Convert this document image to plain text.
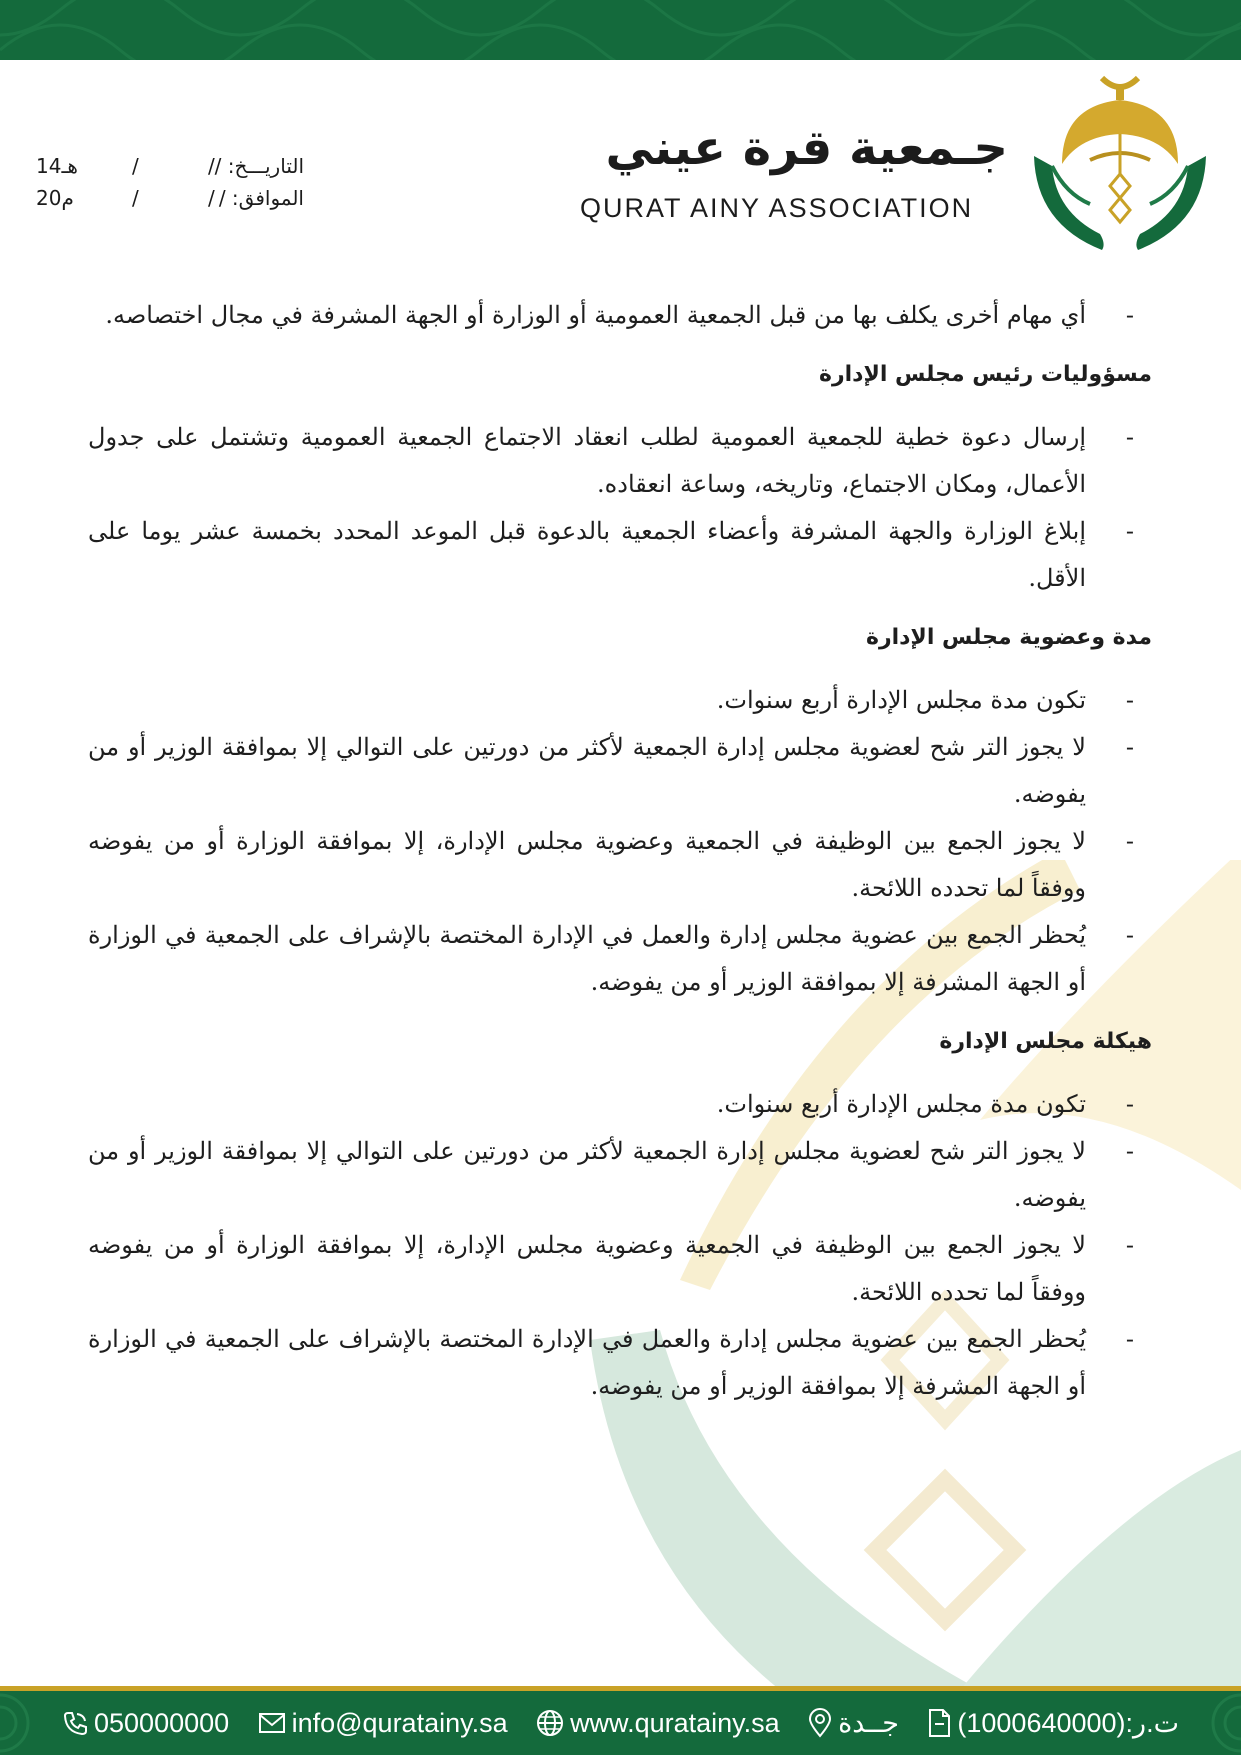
جـمعية قرة عيني

QURAT AINY ASSOCIATION

التاريـــخ: /
/
/
14هـ
الموافق: /
/
/
20م
- أي مهام أخرى يكلف بها من قبل الجمعية العمومية أو الوزارة أو الجهة المشرفة في مجال اختصاصه.
مسؤوليات رئيس مجلس الإدارة
- إرسال دعوة خطية للجمعية العمومية لطلب انعقاد الاجتماع الجمعية العمومية وتشتمل على جدول الأعمال، ومكان الاجتماع، وتاريخه، وساعة انعقاده.
- إبلاغ الوزارة والجهة المشرفة وأعضاء الجمعية بالدعوة قبل الموعد المحدد بخمسة عشر يوما على الأقل.
مدة وعضوية مجلس الإدارة
- تكون مدة مجلس الإدارة أربع سنوات.
- لا يجوز التر شح لعضوية مجلس إدارة الجمعية لأكثر من دورتين على التوالي إلا بموافقة الوزير أو من يفوضه.
- لا يجوز الجمع بين الوظيفة في الجمعية وعضوية مجلس الإدارة، إلا بموافقة الوزارة أو من يفوضه ووفقاً لما تحدده اللائحة.
- يُحظر الجمع بين عضوية مجلس إدارة والعمل في الإدارة المختصة بالإشراف على الجمعية في الوزارة أو الجهة المشرفة إلا بموافقة الوزير أو من يفوضه.
هيكلة مجلس الإدارة
- تكون مدة مجلس الإدارة أربع سنوات.
- لا يجوز التر شح لعضوية مجلس إدارة الجمعية لأكثر من دورتين على التوالي إلا بموافقة الوزير أو من يفوضه.
- لا يجوز الجمع بين الوظيفة في الجمعية وعضوية مجلس الإدارة، إلا بموافقة الوزارة أو من يفوضه ووفقاً لما تحدده اللائحة.
- يُحظر الجمع بين عضوية مجلس إدارة والعمل في الإدارة المختصة بالإشراف على الجمعية في الوزارة أو الجهة المشرفة إلا بموافقة الوزير أو من يفوضه.
050000000 info@quratainy.sa www.quratainy.sa جــدة ت.ر:(1000640000)
